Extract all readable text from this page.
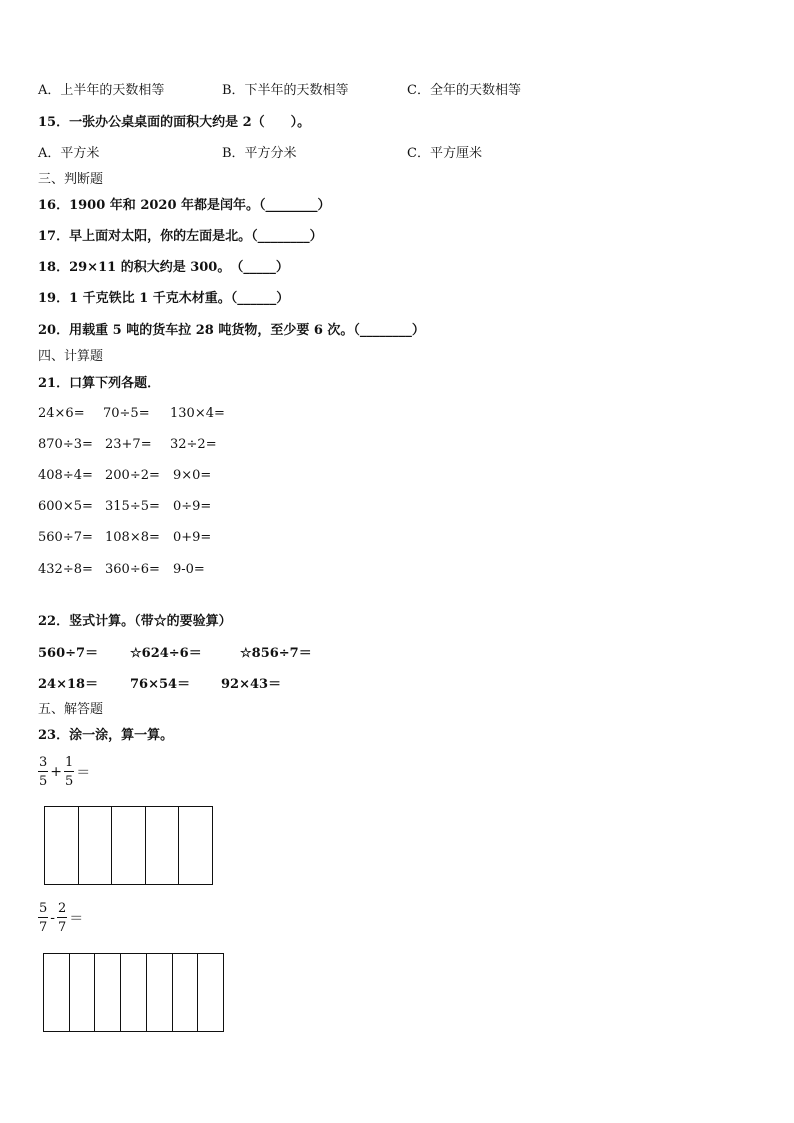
A．上半年的天数相等	B．下半年的天数相等	C．全年的天数相等
15．一张办公桌桌面的面积大约是 2（　　）。
A．平方米	B．平方分米	C．平方厘米
三、判断题
16．1900 年和 2020 年都是闰年。（________）
17．早上面对太阳，你的左面是北。（________）
18．29×11 的积大约是 300。　（_____）
19．1 千克铁比 1 千克木材重。（______）
20．用载重 5 吨的货车拉 28 吨货物，至少要 6 次。（________）
四、计算题
21．口算下列各题．
24×6= 70÷5= 130×4=
870÷3= 23+7= 32÷2=
408÷4= 200÷2= 9×0=
600×5= 315÷5= 0÷9=
560÷7= 108×8= 0+9=
432÷8= 360÷6= 9-0=
22．竖式计算。（带☆的要验算）
560÷7＝ ☆624÷6＝	☆856÷7＝
24×18＝ 76×54＝ 92×43＝
五、解答题
23．涂一涂，算一算。
$\frac{3}{5} + \frac{1}{5}$ ＝
$\frac{5}{7} - \frac{2}{7}$ ＝
